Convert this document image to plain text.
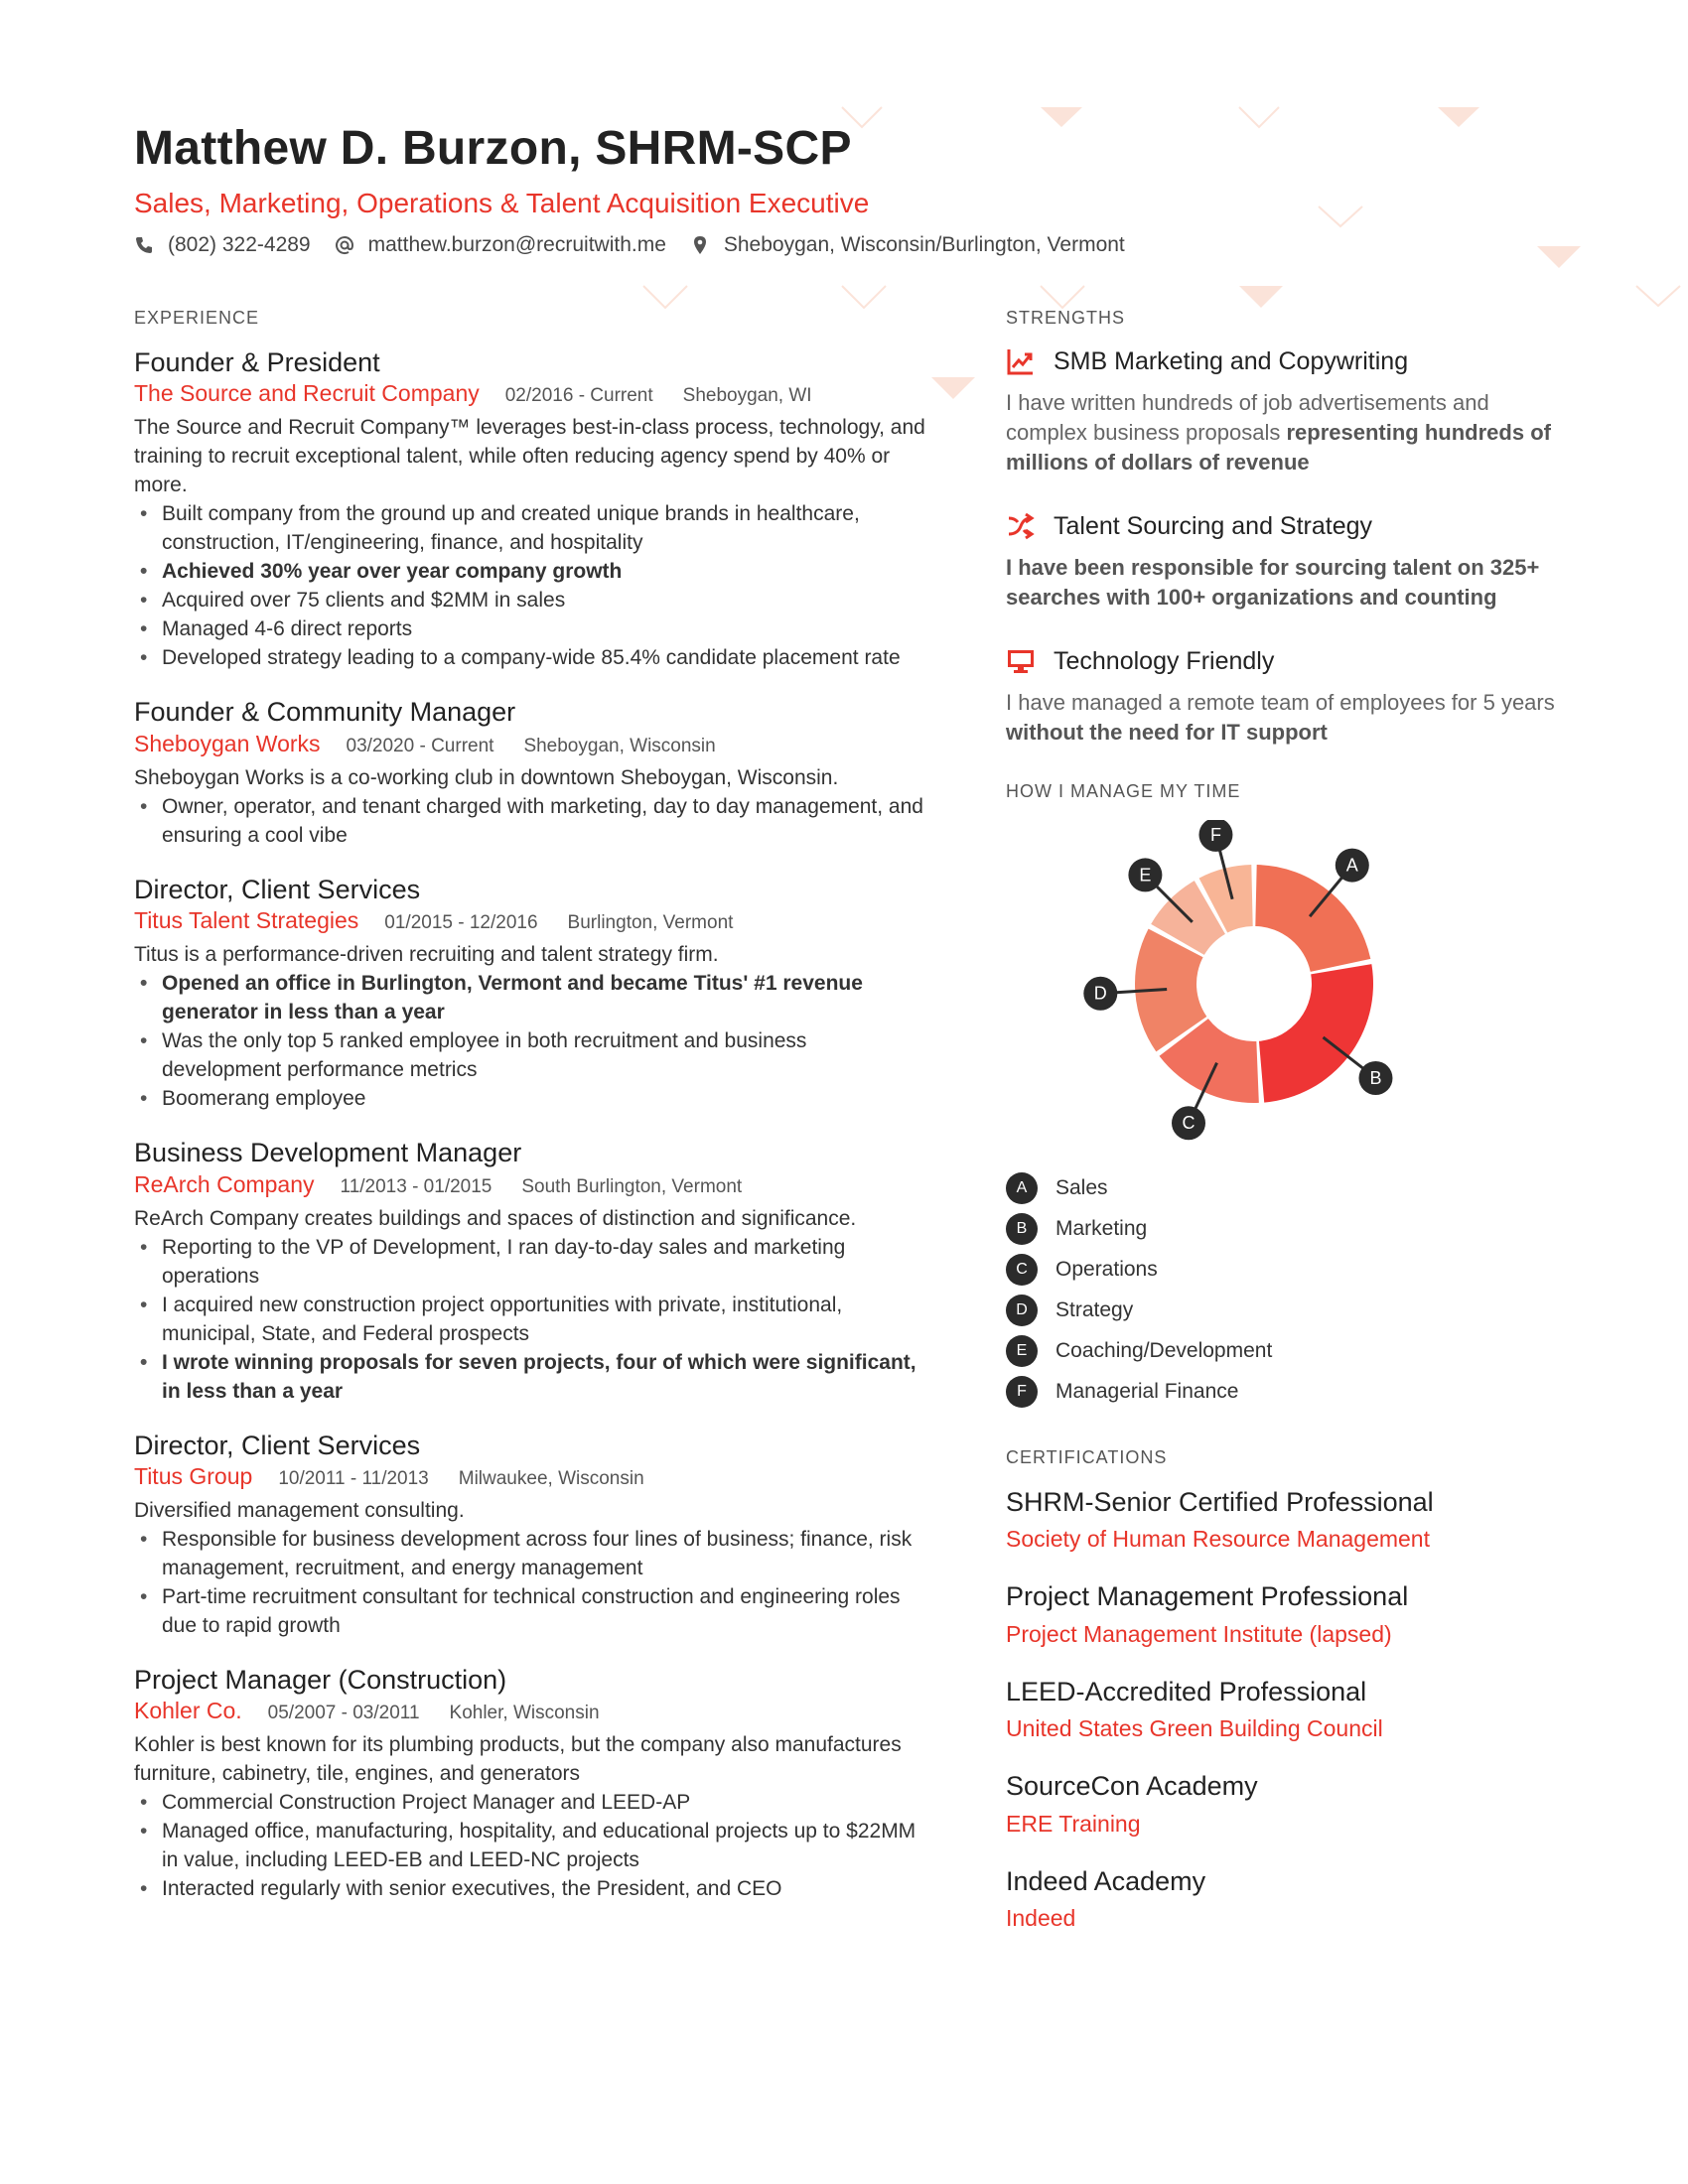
Matthew D. Burzon, SHRM-SCP
Sales, Marketing, Operations & Talent Acquisition Executive
(802) 322-4289	matthew.burzon@recruitwith.me	Sheboygan, Wisconsin/Burlington, Vermont
EXPERIENCE
Founder & President
The Source and Recruit Company 02/2016 - Current Sheboygan, WI
The Source and Recruit Company™ leverages best-in-class process, technology, and training to recruit exceptional talent, while often reducing agency spend by 40% or more.
• Built company from the ground up and created unique brands in healthcare, construction, IT/engineering, finance, and hospitality
• Achieved 30% year over year company growth
• Acquired over 75 clients and $2MM in sales
• Managed 4-6 direct reports
• Developed strategy leading to a company-wide 85.4% candidate placement rate
Founder & Community Manager
Sheboygan Works 03/2020 - Current Sheboygan, Wisconsin
Sheboygan Works is a co-working club in downtown Sheboygan, Wisconsin.
• Owner, operator, and tenant charged with marketing, day to day management, and ensuring a cool vibe
Director, Client Services
Titus Talent Strategies 01/2015 - 12/2016 Burlington, Vermont
Titus is a performance-driven recruiting and talent strategy firm.
• Opened an office in Burlington, Vermont and became Titus' #1 revenue generator in less than a year
• Was the only top 5 ranked employee in both recruitment and business development performance metrics
• Boomerang employee
Business Development Manager
ReArch Company 11/2013 - 01/2015 South Burlington, Vermont
ReArch Company creates buildings and spaces of distinction and significance.
• Reporting to the VP of Development, I ran day-to-day sales and marketing operations
• I acquired new construction project opportunities with private, institutional, municipal, State, and Federal prospects
• I wrote winning proposals for seven projects, four of which were significant, in less than a year
Director, Client Services
Titus Group 10/2011 - 11/2013 Milwaukee, Wisconsin
Diversified management consulting.
• Responsible for business development across four lines of business; finance, risk management, recruitment, and energy management
• Part-time recruitment consultant for technical construction and engineering roles due to rapid growth
Project Manager (Construction)
Kohler Co. 05/2007 - 03/2011 Kohler, Wisconsin
Kohler is best known for its plumbing products, but the company also manufactures furniture, cabinetry, tile, engines, and generators
• Commercial Construction Project Manager and LEED-AP
• Managed office, manufacturing, hospitality, and educational projects up to $22MM in value, including LEED-EB and LEED-NC projects
• Interacted regularly with senior executives, the President, and CEO
STRENGTHS
SMB Marketing and Copywriting
I have written hundreds of job advertisements and complex business proposals representing hundreds of millions of dollars of revenue
Talent Sourcing and Strategy
I have been responsible for sourcing talent on 325+ searches with 100+ organizations and counting
Technology Friendly
I have managed a remote team of employees for 5 years without the need for IT support
HOW I MANAGE MY TIME
A
B
C
D
E
F
A	Sales
B	Marketing
C	Operations
D	Strategy
E	Coaching/Development
F	Managerial Finance
CERTIFICATIONS
SHRM-Senior Certified Professional
Society of Human Resource Management
Project Management Professional
Project Management Institute (lapsed)
LEED-Accredited Professional
United States Green Building Council
SourceCon Academy
ERE Training
Indeed Academy
Indeed
